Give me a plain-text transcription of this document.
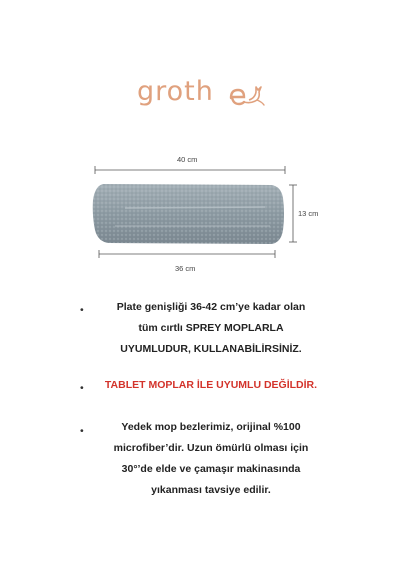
groth
40 cm
13 cm
36 cm
•	Plate genişliği 36-42 cm’ye kadar olan
tüm cırtlı SPREY MOPLARLA
UYUMLUDUR, KULLANABİLİRSİNİZ.
•	TABLET MOPLAR İLE UYUMLU DEĞİLDİR.
•	Yedek mop bezlerimiz, orijinal %100
microfiber’dir. Uzun ömürlü olması için
30°’de elde ve çamaşır makinasında
yıkanması tavsiye edilir.
